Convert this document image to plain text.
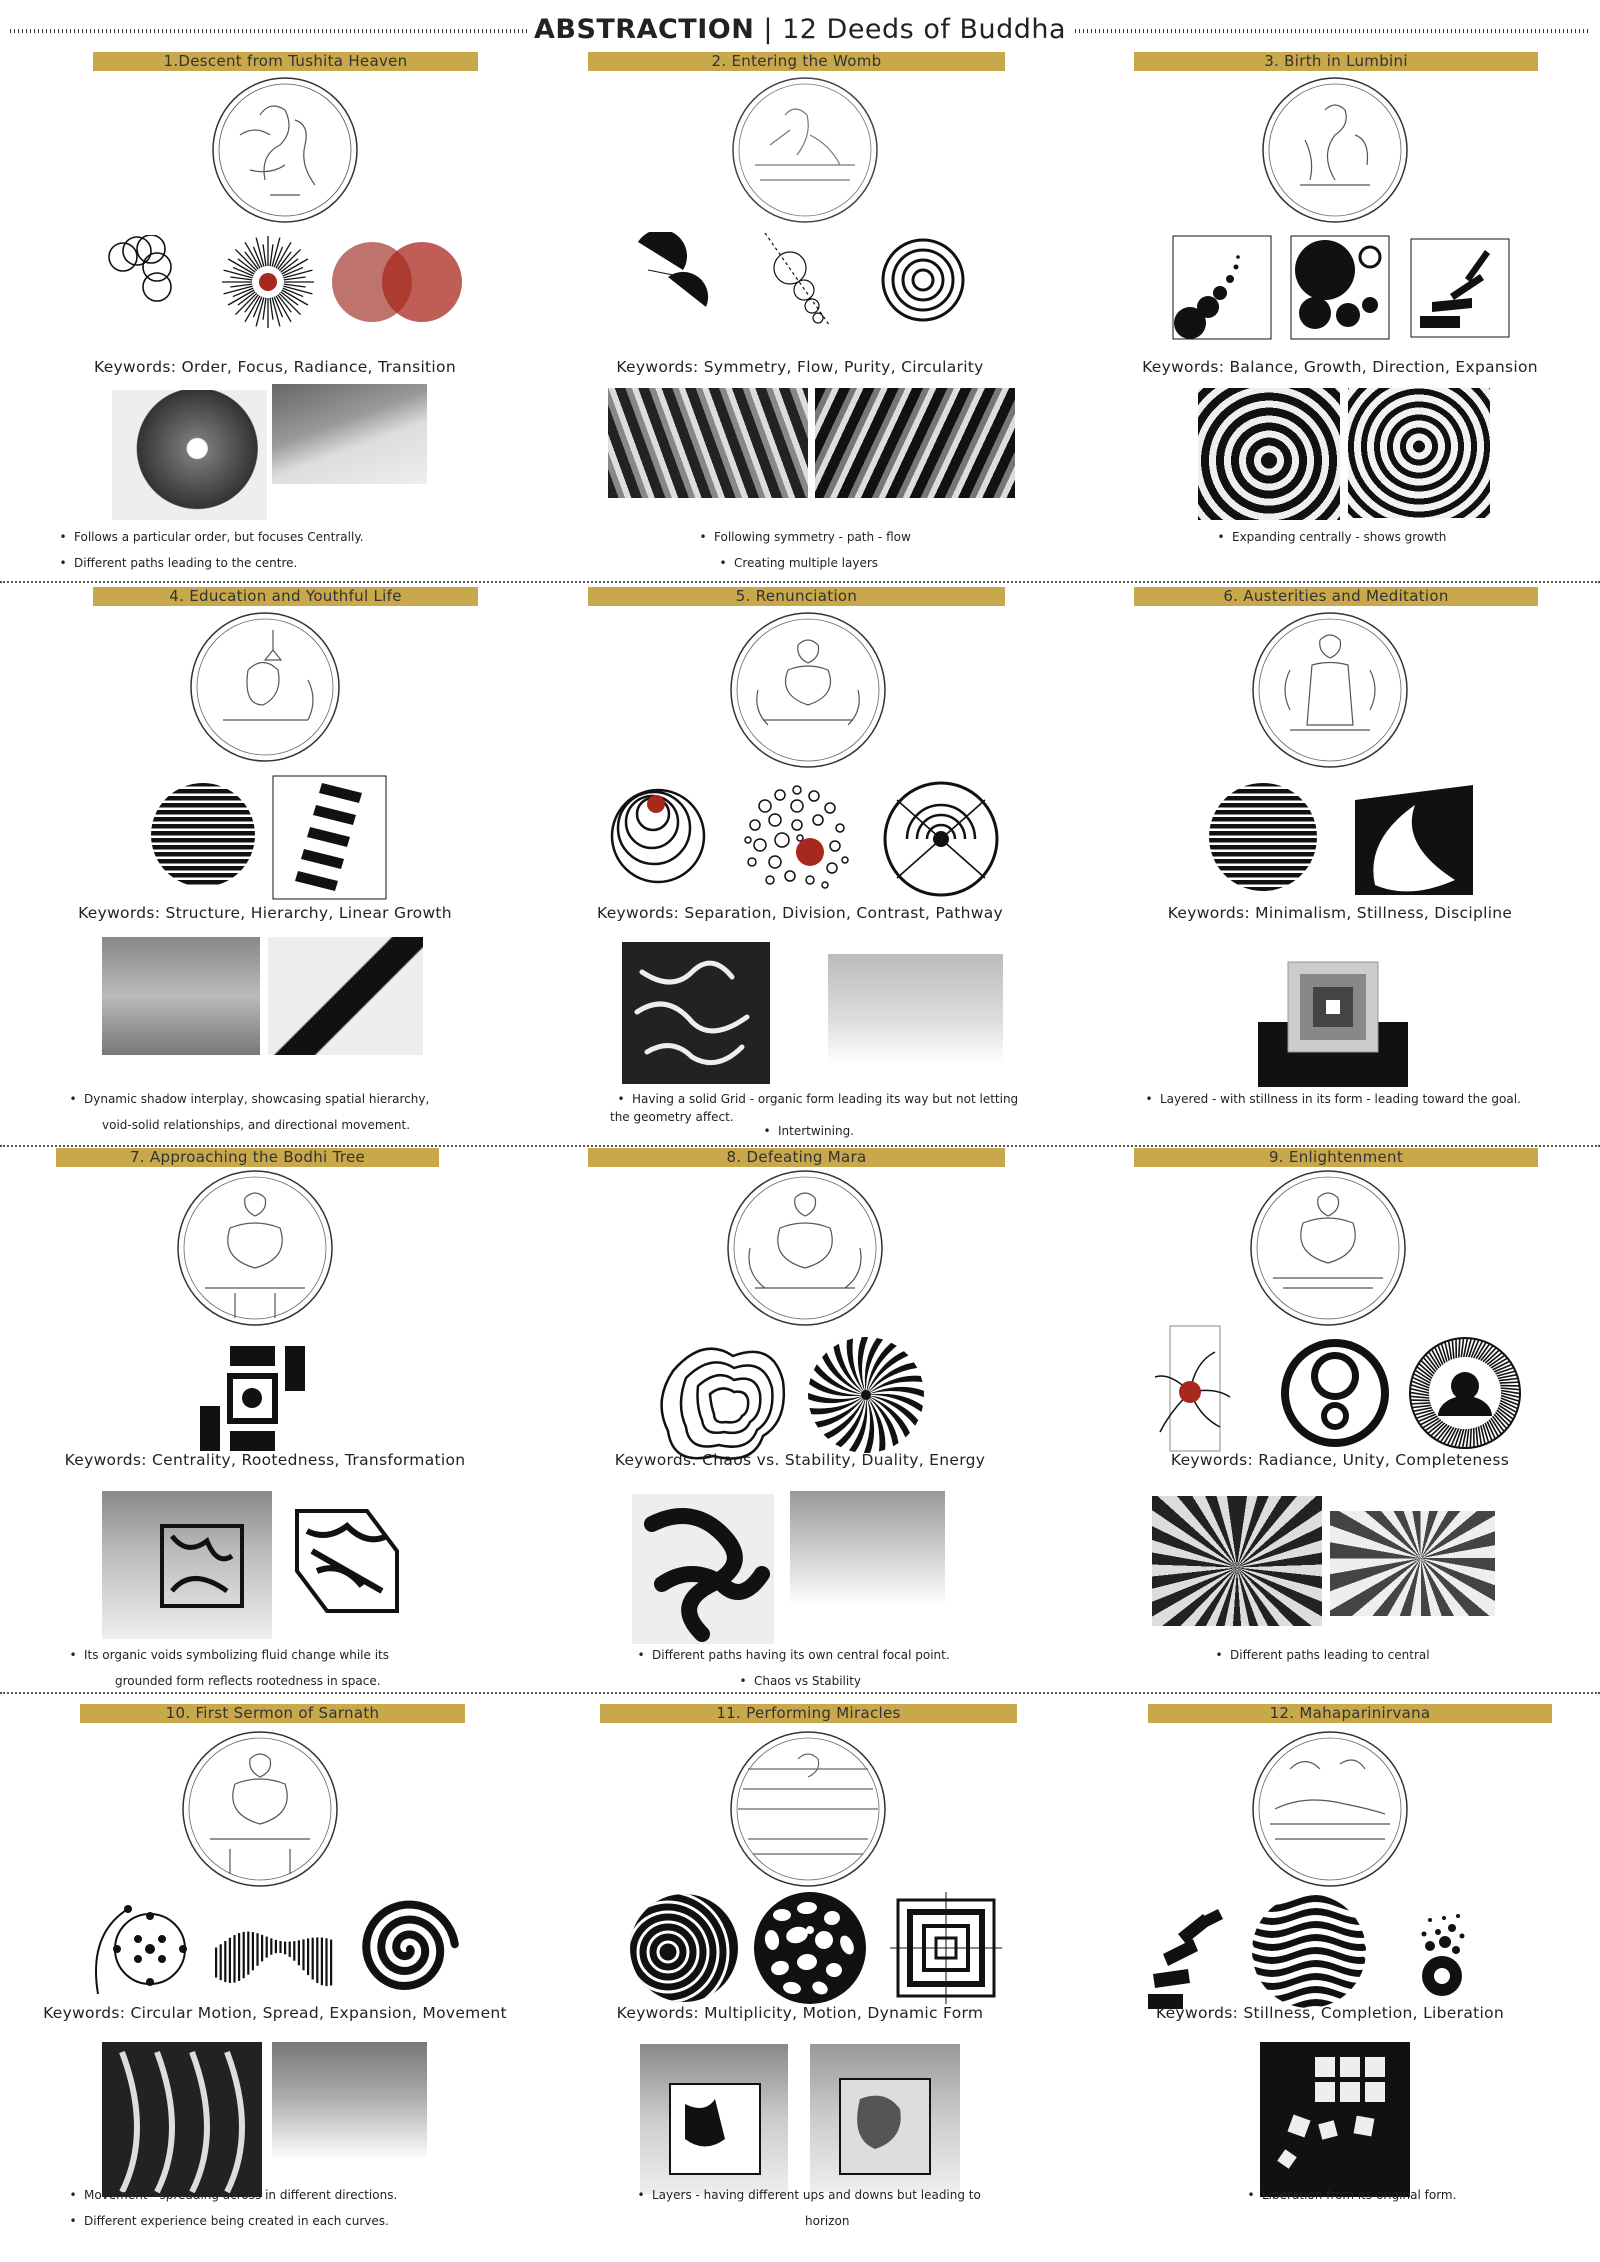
ABSTRACTION | 12 Deeds of Buddha
1.Descent from Tushita Heaven
Keywords: Order, Focus, Radiance, Transition
• Follows a particular order, but focuses Centrally.
• Different paths leading to the centre.
2. Entering the Womb
Keywords: Symmetry, Flow, Purity, Circularity
• Following symmetry - path - flow
• Creating multiple layers
3. Birth in Lumbini
Keywords: Balance, Growth, Direction, Expansion
• Expanding centrally - shows growth
4. Education and Youthful Life
Keywords: Structure, Hierarchy, Linear Growth
• Dynamic shadow interplay, showcasing spatial hierarchy,
void-solid relationships, and directional movement.
5. Renunciation
Keywords: Separation, Division, Contrast, Pathway
• Having a solid Grid - organic form leading its way but not letting the geometry affect.
• Intertwining.
6. Austerities and Meditation
Keywords: Minimalism, Stillness, Discipline
• Layered - with stillness in its form - leading toward the goal.
7. Approaching the Bodhi Tree
Keywords: Centrality, Rootedness, Transformation
• Its organic voids symbolizing fluid change while its
grounded form reflects rootedness in space.
8. Defeating Mara
Keywords: Chaos vs. Stability, Duality, Energy
• Different paths having its own central focal point.
• Chaos vs Stability
9. Enlightenment
Keywords: Radiance, Unity, Completeness
• Different paths leading to central
10. First Sermon of Sarnath
Keywords: Circular Motion, Spread, Expansion, Movement
• Movement - spreading across in different directions.
• Different experience being created in each curves.
11. Performing Miracles
Keywords: Multiplicity, Motion, Dynamic Form
• Layers - having different ups and downs but leading to
horizon
12. Mahaparinirvana
Keywords: Stillness, Completion, Liberation
• Liberation from its original form.
